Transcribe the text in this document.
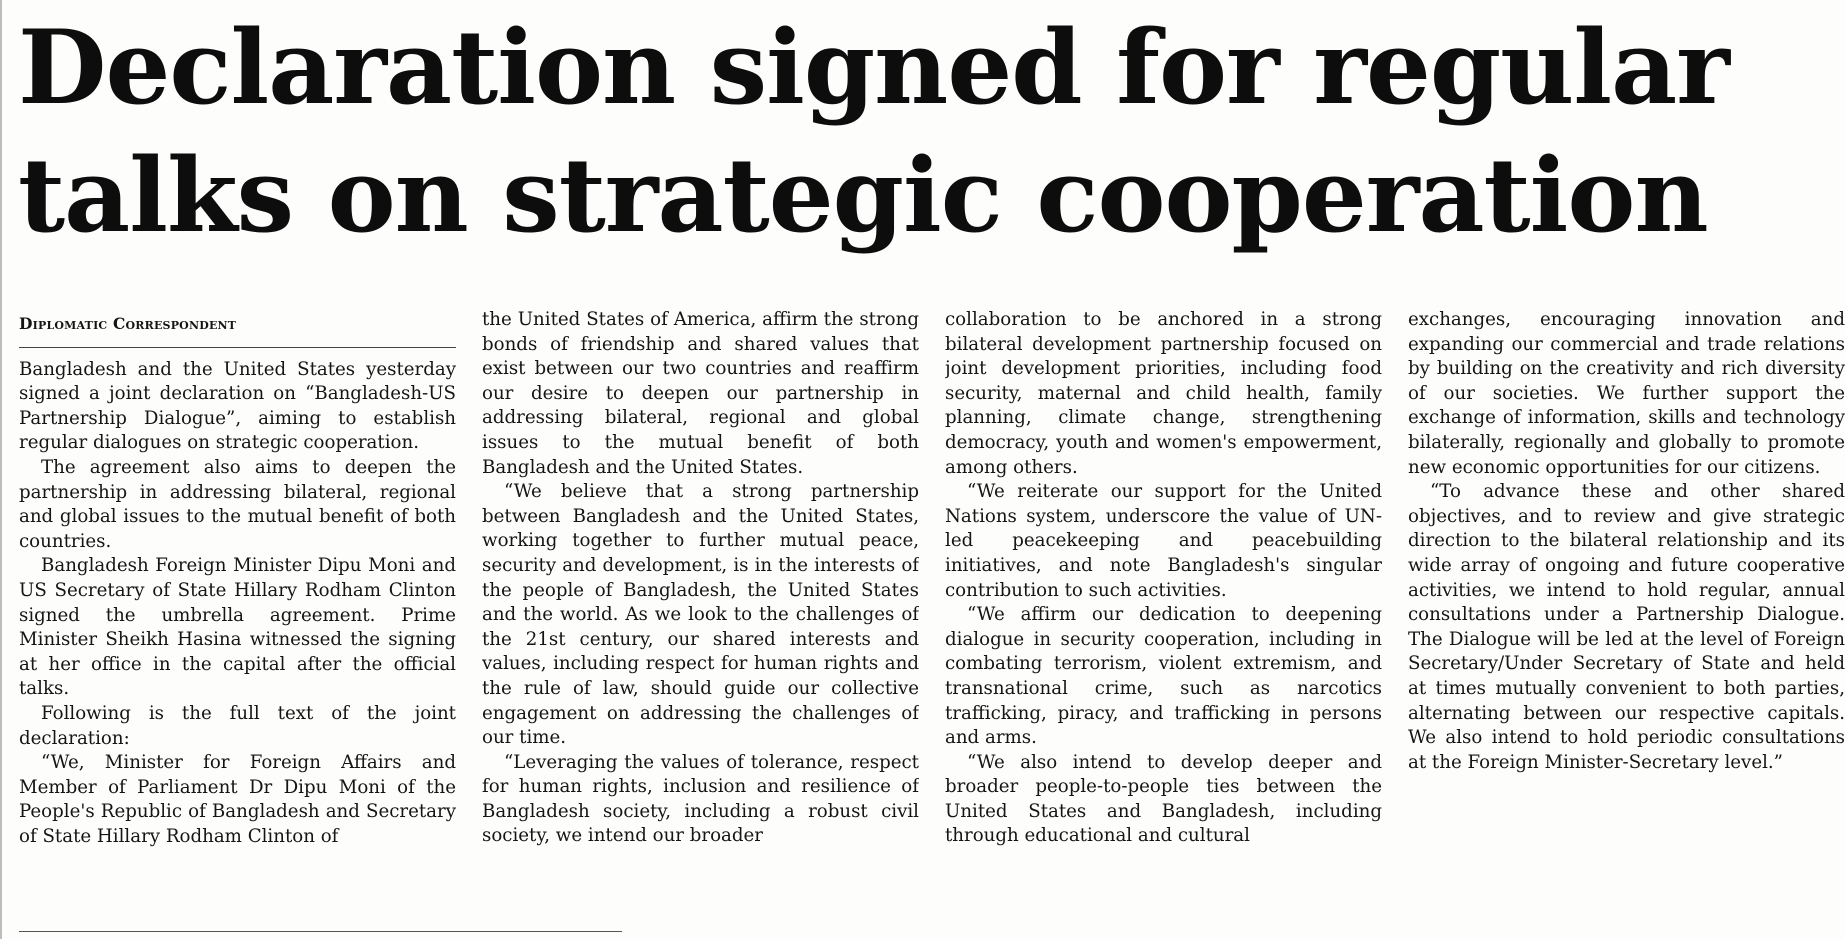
Declaration signed for regular
talks on strategic cooperation
Diplomatic Correspondent

Bangladesh and the United States yesterday signed a joint declaration on “Bangladesh-US Partnership Dialogue”, aiming to establish regular dialogues on strategic cooperation.

The agreement also aims to deepen the partnership in addressing bilateral, regional and global issues to the mutual benefit of both countries.

Bangladesh Foreign Minister Dipu Moni and US Secretary of State Hillary Rodham Clinton signed the umbrella agreement. Prime Minister Sheikh Hasina witnessed the signing at her office in the capital after the official talks.

Following is the full text of the joint declaration:

“We, Minister for Foreign Affairs and Member of Parliament Dr Dipu Moni of the People's Republic of Bangladesh and Secretary of State Hillary Rodham Clinton of

the United States of America, affirm the strong bonds of friendship and shared values that exist between our two countries and reaffirm our desire to deepen our partnership in addressing bilateral, regional and global issues to the mutual benefit of both Bangladesh and the United States.

“We believe that a strong partnership between Bangladesh and the United States, working together to further mutual peace, security and development, is in the interests of the people of Bangladesh, the United States and the world. As we look to the challenges of the 21st century, our shared interests and values, including respect for human rights and the rule of law, should guide our collective engagement on addressing the challenges of our time.

“Leveraging the values of tolerance, respect for human rights, inclusion and resilience of Bangladesh society, including a robust civil society, we intend our broader

collaboration to be anchored in a strong bilateral development partnership focused on joint development priorities, including food security, maternal and child health, family planning, climate change, strengthening democracy, youth and women's empowerment, among others.

“We reiterate our support for the United Nations system, underscore the value of UN-led peacekeeping and peacebuilding initiatives, and note Bangladesh's singular contribution to such activities.

“We affirm our dedication to deepening dialogue in security cooperation, including in combating terrorism, violent extremism, and transnational crime, such as narcotics trafficking, piracy, and trafficking in persons and arms.

“We also intend to develop deeper and broader people-to-people ties between the United States and Bangladesh, including through educational and cultural

exchanges, encouraging innovation and expanding our commercial and trade relations by building on the creativity and rich diversity of our societies. We further support the exchange of information, skills and technology bilaterally, regionally and globally to promote new economic opportunities for our citizens.

“To advance these and other shared objectives, and to review and give strategic direction to the bilateral relationship and its wide array of ongoing and future cooperative activities, we intend to hold regular, annual consultations under a Partnership Dialogue. The Dialogue will be led at the level of Foreign Secretary/Under Secretary of State and held at times mutually convenient to both parties, alternating between our respective capitals. We also intend to hold periodic consultations at the Foreign Minister-Secretary level.”
